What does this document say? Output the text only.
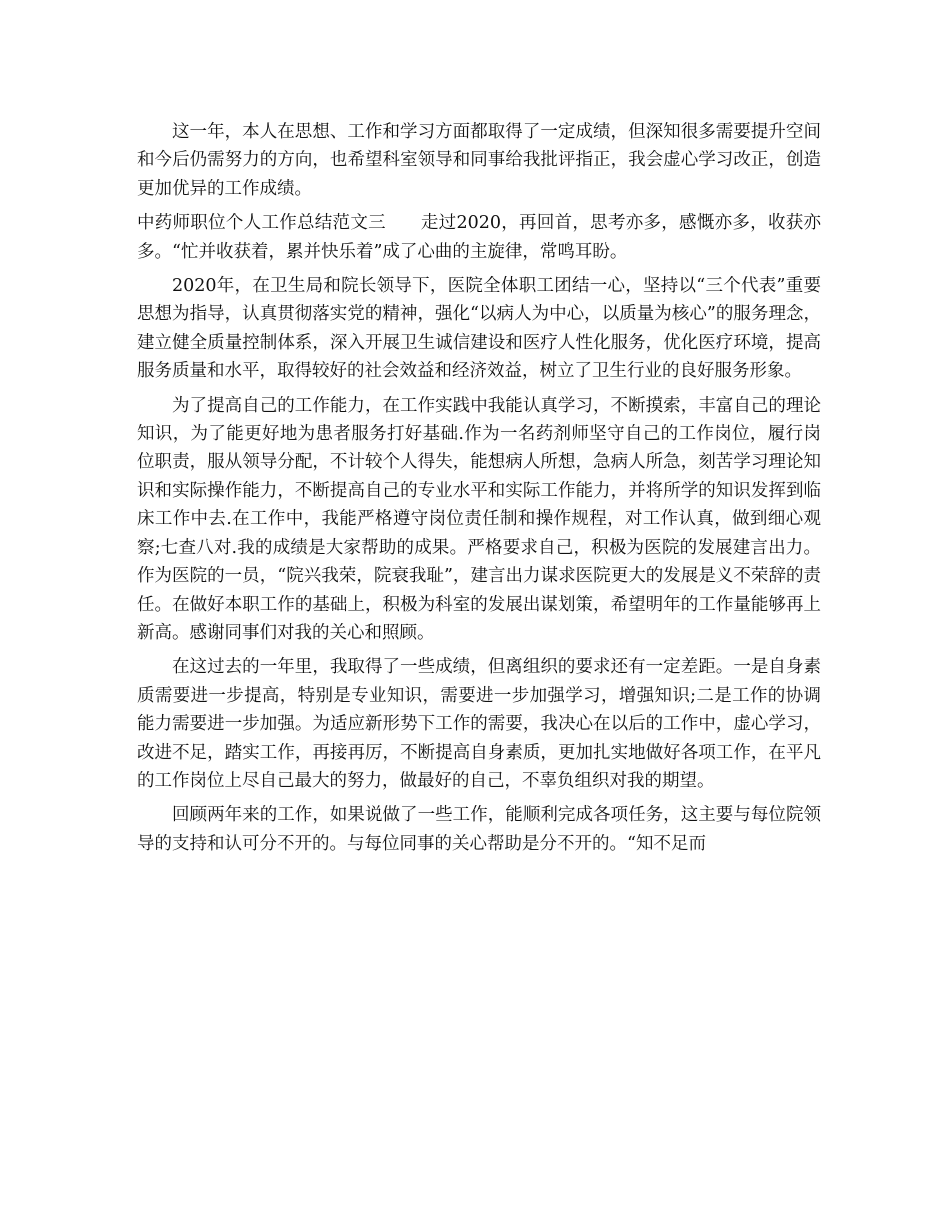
这一年，本人在思想、工作和学习方面都取得了一定成绩，但深知很多需要提升空间和今后仍需努力的方向，也希望科室领导和同事给我批评指正，我会虚心学习改正，创造更加优异的工作成绩。

中药师职位个人工作总结范文三 走过2020，再回首，思考亦多，感慨亦多，收获亦多。“忙并收获着，累并快乐着”成了心曲的主旋律，常鸣耳盼。

2020年，在卫生局和院长领导下，医院全体职工团结一心，坚持以“三个代表”重要思想为指导，认真贯彻落实党的精神，强化“以病人为中心，以质量为核心”的服务理念，建立健全质量控制体系，深入开展卫生诚信建设和医疗人性化服务，优化医疗环境，提高服务质量和水平，取得较好的社会效益和经济效益，树立了卫生行业的良好服务形象。

为了提高自己的工作能力，在工作实践中我能认真学习，不断摸索，丰富自己的理论知识，为了能更好地为患者服务打好基础.作为一名药剂师坚守自己的工作岗位，履行岗位职责，服从领导分配，不计较个人得失，能想病人所想，急病人所急，刻苦学习理论知识和实际操作能力，不断提高自己的专业水平和实际工作能力，并将所学的知识发挥到临床工作中去.在工作中，我能严格遵守岗位责任制和操作规程，对工作认真，做到细心观察;七查八对.我的成绩是大家帮助的成果。严格要求自己，积极为医院的发展建言出力。作为医院的一员，“院兴我荣，院衰我耻”，建言出力谋求医院更大的发展是义不荣辞的责任。在做好本职工作的基础上，积极为科室的发展出谋划策，希望明年的工作量能够再上新高。感谢同事们对我的关心和照顾。

在这过去的一年里，我取得了一些成绩，但离组织的要求还有一定差距。一是自身素质需要进一步提高，特别是专业知识，需要进一步加强学习，增强知识;二是工作的协调能力需要进一步加强。为适应新形势下工作的需要，我决心在以后的工作中，虚心学习，改进不足，踏实工作，再接再厉，不断提高自身素质，更加扎实地做好各项工作，在平凡的工作岗位上尽自己最大的努力，做最好的自己，不辜负组织对我的期望。

回顾两年来的工作，如果说做了一些工作，能顺利完成各项任务，这主要与每位院领导的支持和认可分不开的。与每位同事的关心帮助是分不开的。“知不足而
